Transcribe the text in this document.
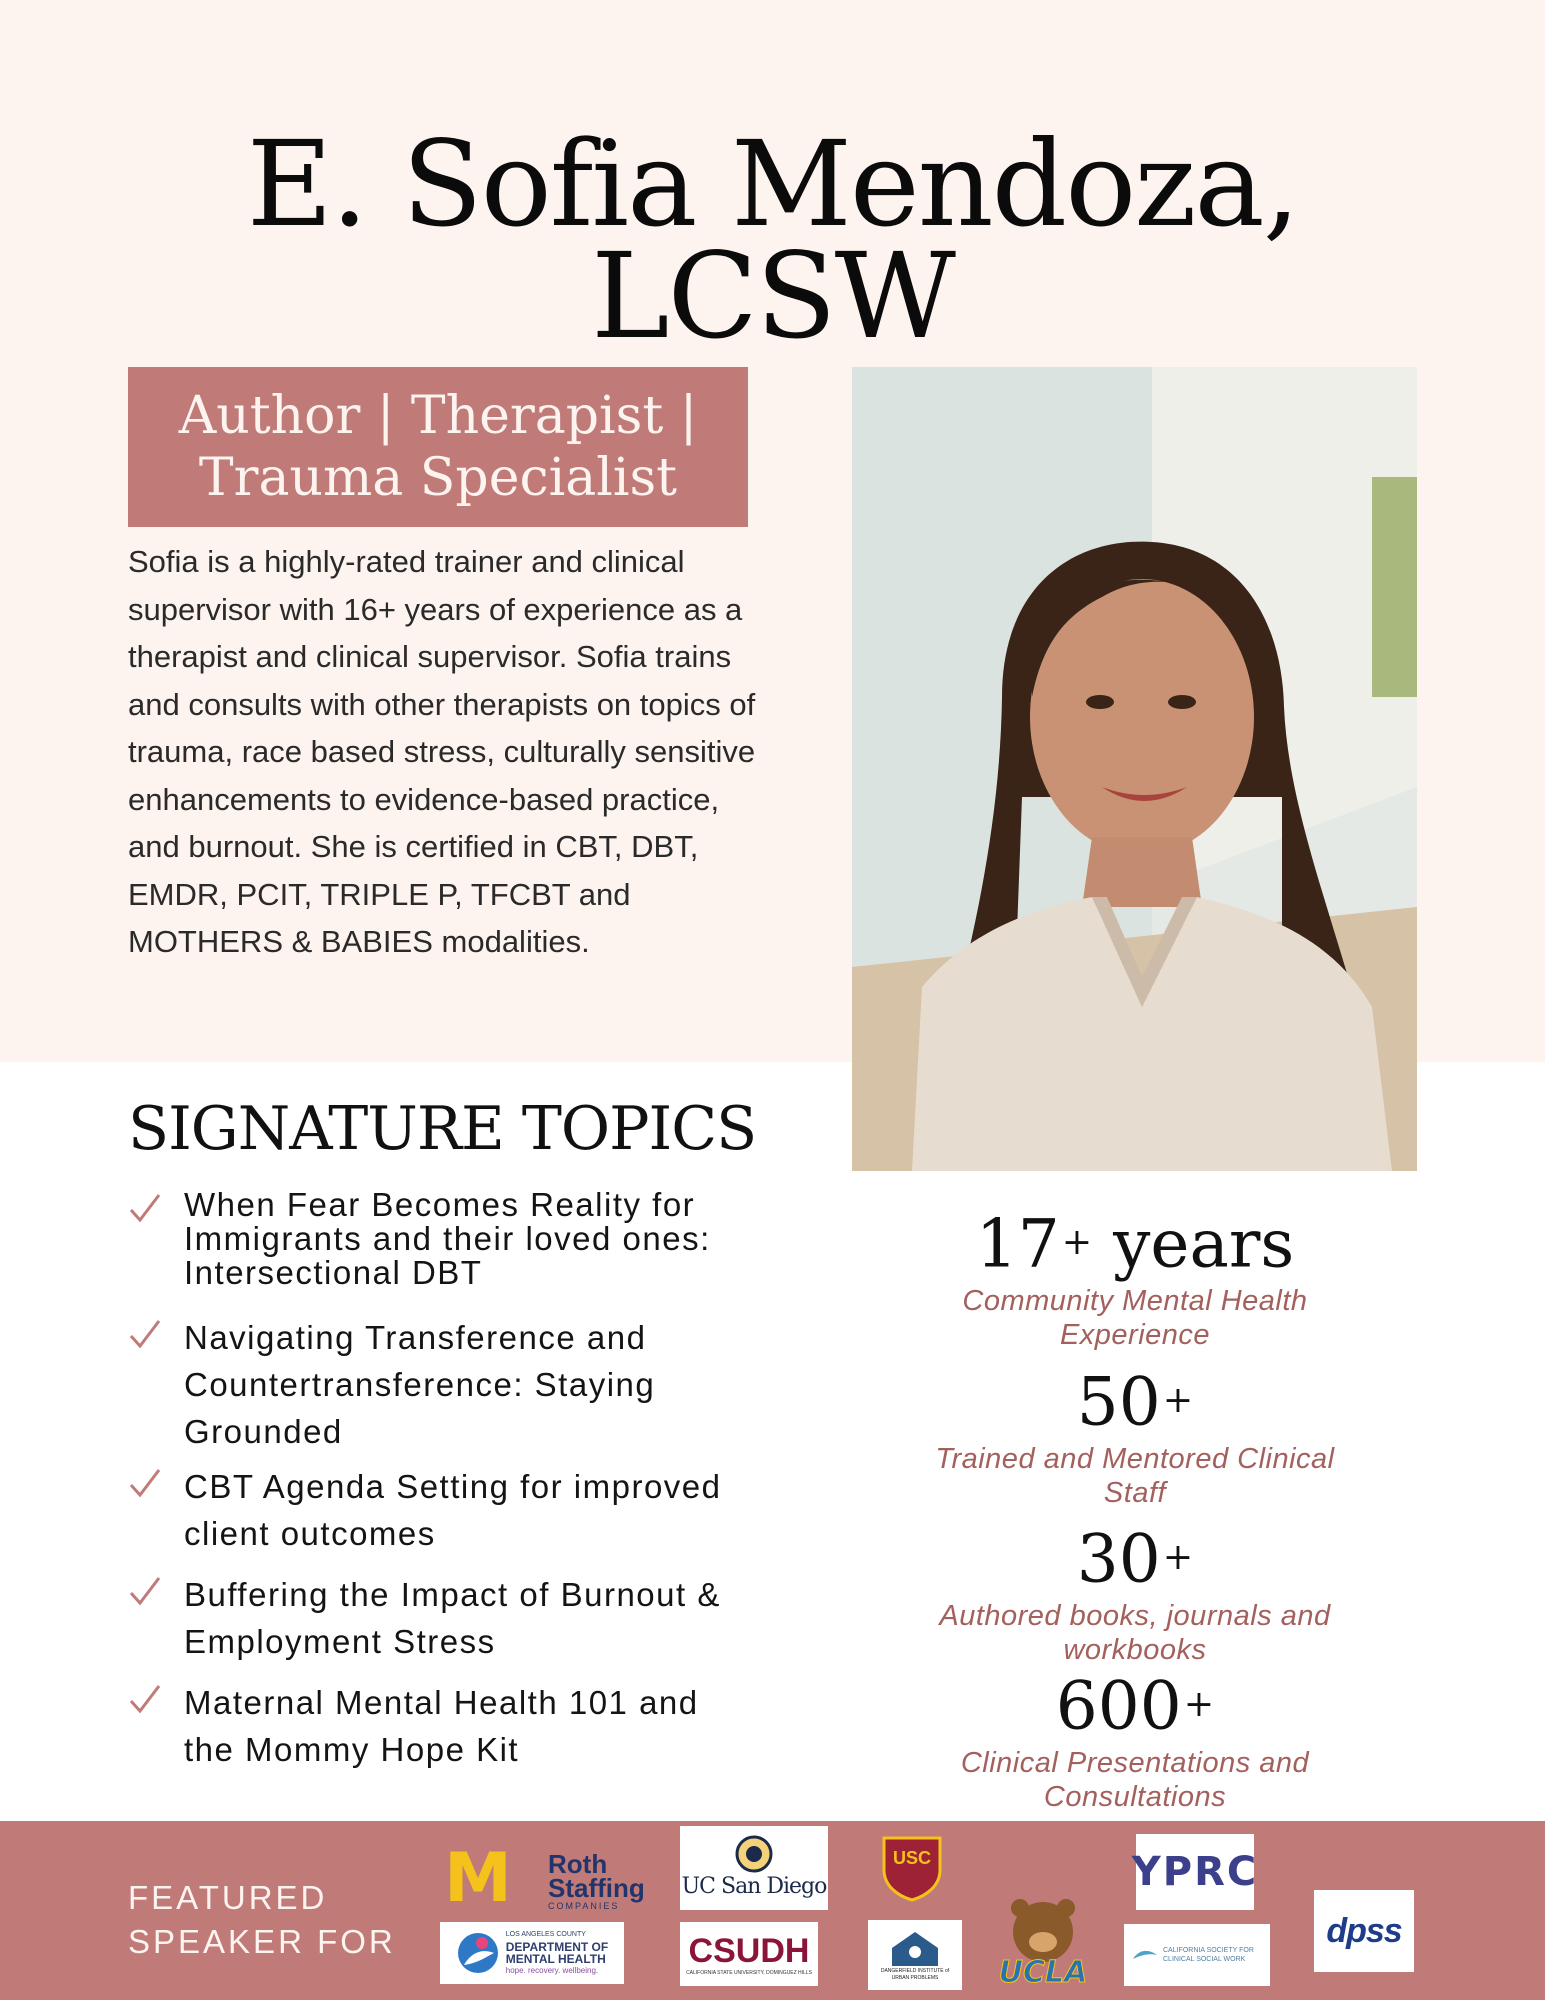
E. Sofia Mendoza,
LCSW
Author | Therapist |
Trauma Specialist
Sofia is a highly-rated trainer and clinical supervisor with 16+ years of experience as a therapist and clinical supervisor. Sofia trains and consults with other therapists on topics of trauma, race based stress, culturally sensitive enhancements to evidence-based practice, and burnout. She is certified in CBT, DBT, EMDR, PCIT, TRIPLE P, TFCBT and MOTHERS & BABIES modalities.
SIGNATURE TOPICS
When Fear Becomes Reality for Immigrants and their loved ones: Intersectional DBT
Navigating Transference and Countertransference: Staying Grounded
CBT Agenda Setting for improved client outcomes
Buffering the Impact of Burnout & Employment Stress
Maternal Mental Health 101 and the Mommy Hope Kit
17+ years
Community Mental Health Experience
50+
Trained and Mentored Clinical Staff
30+
Authored books, journals and workbooks
600+
Clinical Presentations and Consultations
FEATURED
SPEAKER FOR
M Roth
Staffing
COMPANIES
UC San Diego
USC	YPRC
LOS ANGELES COUNTY
DEPARTMENT OF
MENTAL HEALTH
hope. recovery. wellbeing.
CSUDH
CALIFORNIA STATE UNIVERSITY, DOMINGUEZ HILLS	DANGERFIELD INSTITUTE of URBAN PROBLEMS	UCLA
CALIFORNIA SOCIETY FOR CLINICAL SOCIAL WORK
dpss
